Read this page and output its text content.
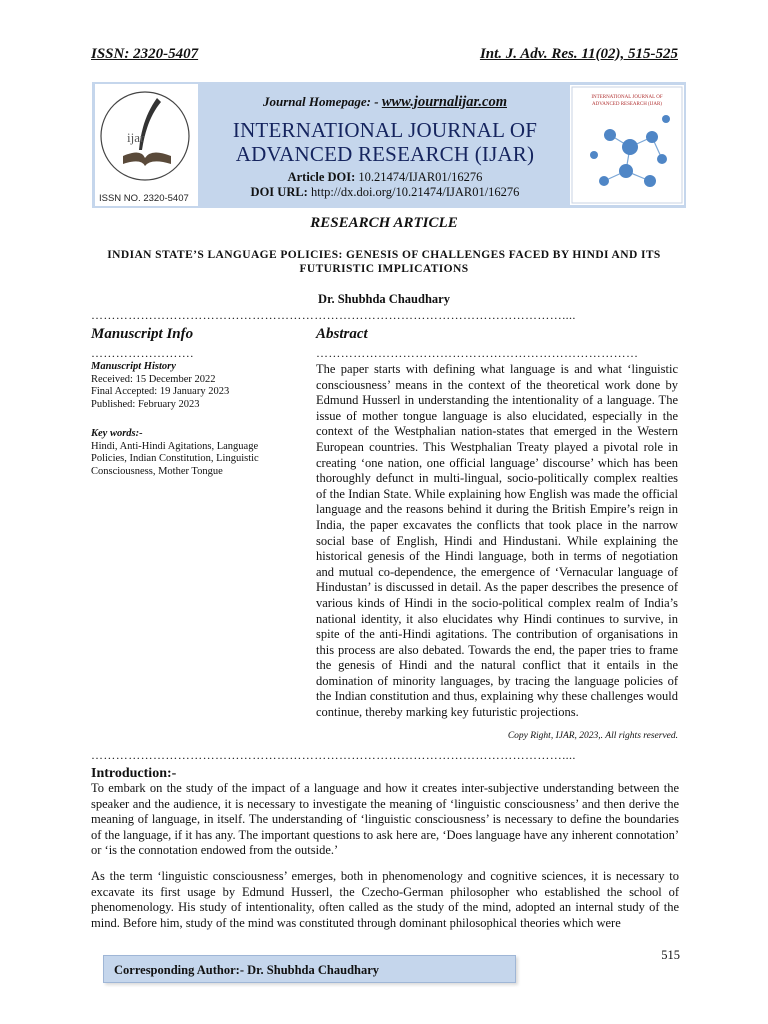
ISSN: 2320-5407	Int. J. Adv. Res. 11(02), 515-525
ijar
ISSN NO. 2320-5407
INTERNATIONAL JOURNAL OF
ADVANCED RESEARCH (IJAR)
Journal Homepage: - www.journalijar.com
INTERNATIONAL JOURNAL OF
ADVANCED RESEARCH (IJAR)
Article DOI: 10.21474/IJAR01/16276
DOI URL: http://dx.doi.org/10.21474/IJAR01/16276
RESEARCH ARTICLE
INDIAN STATE’S LANGUAGE POLICIES: GENESIS OF CHALLENGES FACED BY HINDI AND ITS
FUTURISTIC IMPLICATIONS
Dr. Shubhda Chaudhary
……………………………………………………………………………………………………....
Manuscript Info
…………………….
Manuscript History
Received: 15 December 2022
Final Accepted: 19 January 2023
Published: February 2023
Key words:-
Hindi, Anti-Hindi Agitations, Language
Policies, Indian Constitution, Linguistic
Consciousness, Mother Tongue
Abstract
……………………………………………………………………
The paper starts with defining what language is and what ‘linguistic consciousness’ means in the context of the theoretical work done by Edmund Husserl in understanding the intentionality of a language. The issue of mother tongue language is also elucidated, especially in the context of the Westphalian nation-states that emerged in the Western European countries. This Westphalian Treaty played a pivotal role in creating ‘one nation, one official language’ discourse’ which has been thoroughly defunct in multi-lingual, socio-politically complex realties of the Indian State. While explaining how English was made the official language and the reasons behind it during the British Empire’s reign in India, the paper excavates the conflicts that took place in the narrow social base of English, Hindi and Hindustani. While explaining the historical genesis of the Hindi language, both in terms of negotiation and mutual co-dependence, the emergence of ‘Vernacular language of Hindustan’ is discussed in detail. As the paper describes the presence of various kinds of Hindi in the socio-political complex realm of India’s national identity, it also elucidates why Hindi continues to survive, in spite of the anti-Hindi agitations. The contribution of organisations in this process are also debated. Towards the end, the paper tries to frame the genesis of Hindi and the natural conflict that it entails in the domination of minority languages, by tracing the language policies of the Indian constitution and thus, explaining why these challenges would continue, thereby marking key futuristic projections.
Copy Right, IJAR, 2023,. All rights reserved.
……………………………………………………………………………………………………....
Introduction:-
To embark on the study of the impact of a language and how it creates inter-subjective understanding between the speaker and the audience, it is necessary to investigate the meaning of ‘linguistic consciousness’ and then derive the meaning of language, in itself. The understanding of ‘linguistic consciousness’ is necessary to define the boundaries of the language, if it has any. The important questions to ask here are, ‘Does language have any inherent connotation’ or ‘is the connotation endowed from the outside.’
As the term ‘linguistic consciousness’ emerges, both in phenomenology and cognitive sciences, it is necessary to excavate its first usage by Edmund Husserl, the Czecho-German philosopher who established the school of phenomenology. His study of intentionality, often called as the study of the mind, adopted an internal study of the mind. Before him, study of the mind was constituted through dominant philosophical theories which were
515
Corresponding Author:- Dr. Shubhda Chaudhary
